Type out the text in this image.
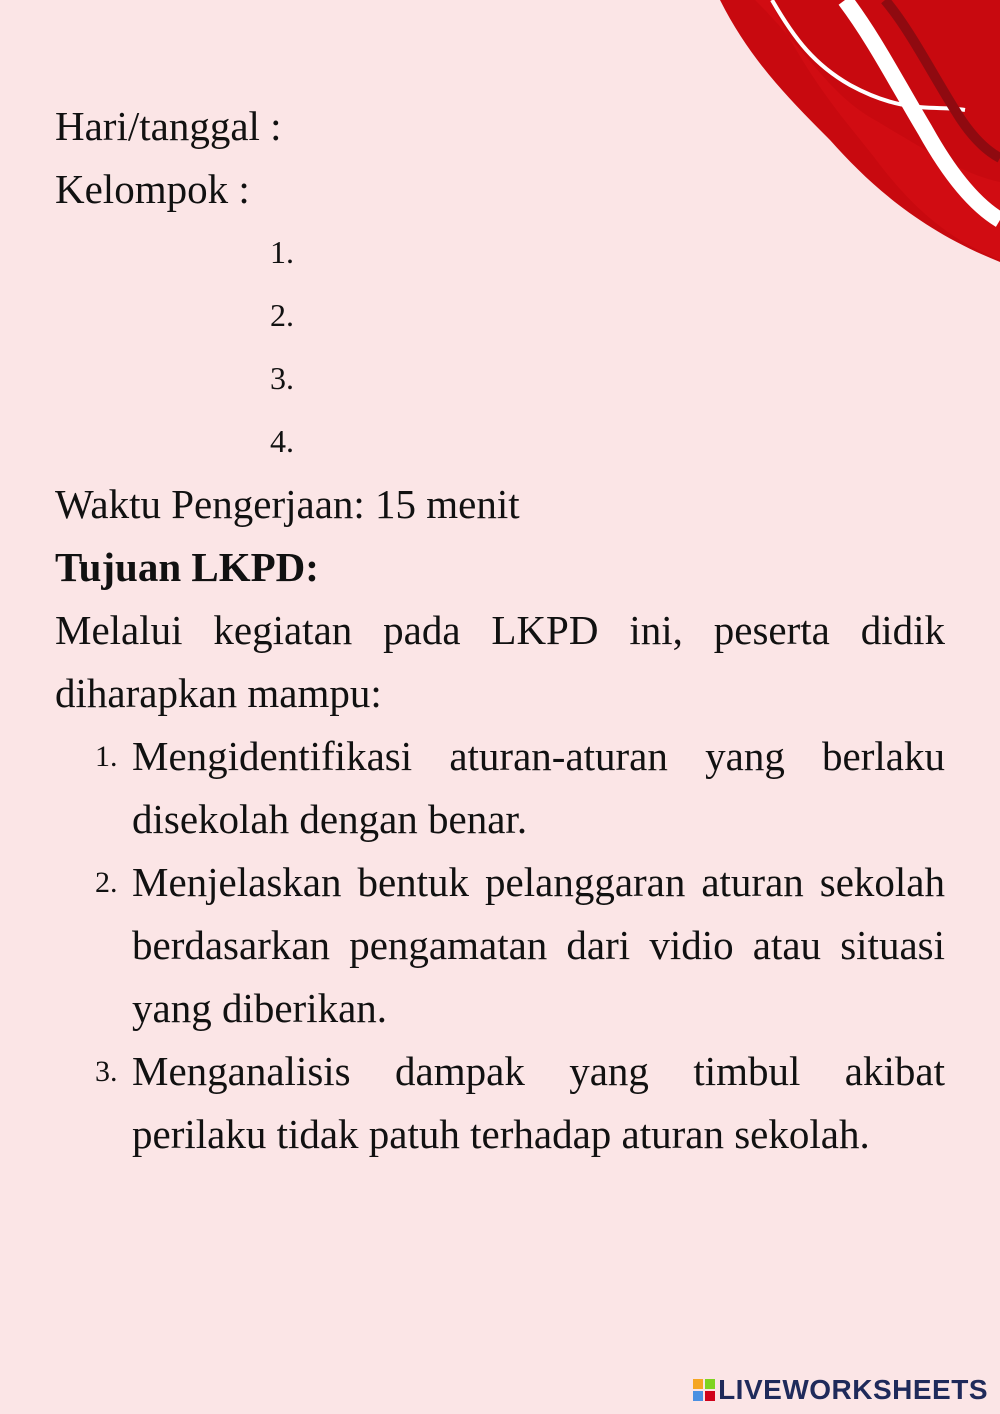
Hari/tanggal :
Kelompok :
1.
2.
3.
4.
Waktu Pengerjaan: 15 menit
Tujuan LKPD:
Melalui kegiatan pada LKPD ini, peserta didik diharapkan mampu:
1. Mengidentifikasi aturan-aturan yang berlaku disekolah dengan benar.
2. Menjelaskan bentuk pelanggaran aturan sekolah berdasarkan pengamatan dari vidio atau situasi yang diberikan.
3. Menganalisis dampak yang timbul akibat perilaku tidak patuh terhadap aturan sekolah.
LIVEWORKSHEETS
